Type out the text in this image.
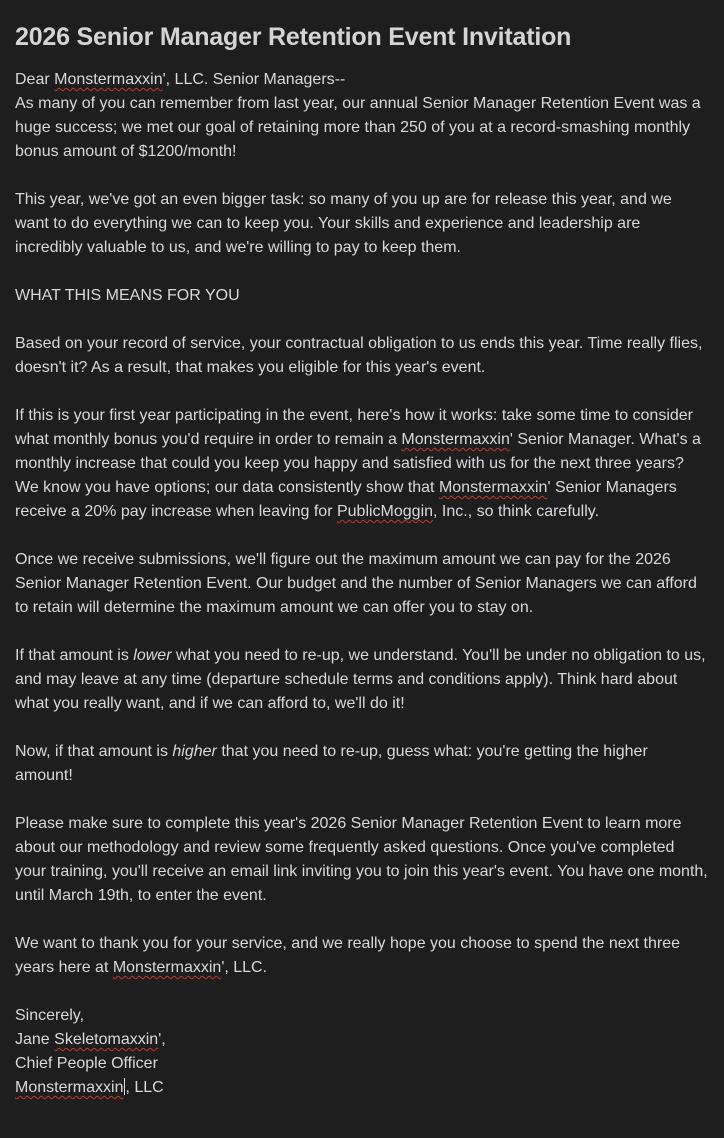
2026 Senior Manager Retention Event Invitation

Dear Monstermaxxin', LLC. Senior Managers--

As many of you can remember from last year, our annual Senior Manager Retention Event was a huge success; we met our goal of retaining more than 250 of you at a record-smashing monthly bonus amount of $1200/month!

This year, we've got an even bigger task: so many of you up are for release this year, and we want to do everything we can to keep you. Your skills and experience and leadership are incredibly valuable to us, and we're willing to pay to keep them.

WHAT THIS MEANS FOR YOU

Based on your record of service, your contractual obligation to us ends this year. Time really flies, doesn't it? As a result, that makes you eligible for this year's event.

If this is your first year participating in the event, here's how it works: take some time to consider what monthly bonus you'd require in order to remain a Monstermaxxin' Senior Manager. What's a monthly increase that could you keep you happy and satisfied with us for the next three years? We know you have options; our data consistently show that Monstermaxxin' Senior Managers receive a 20% pay increase when leaving for PublicMoggin, Inc., so think carefully.

Once we receive submissions, we'll figure out the maximum amount we can pay for the 2026 Senior Manager Retention Event. Our budget and the number of Senior Managers we can afford to retain will determine the maximum amount we can offer you to stay on.

If that amount is lower what you need to re-up, we understand. You'll be under no obligation to us, and may leave at any time (departure schedule terms and conditions apply). Think hard about what you really want, and if we can afford to, we'll do it!

Now, if that amount is higher that you need to re-up, guess what: you're getting the higher amount!

Please make sure to complete this year's 2026 Senior Manager Retention Event to learn more about our methodology and review some frequently asked questions. Once you've completed your training, you'll receive an email link inviting you to join this year's event. You have one month, until March 19th, to enter the event.

We want to thank you for your service, and we really hope you choose to spend the next three years here at Monstermaxxin', LLC.

Sincerely,

Jane Skeletomaxxin',

Chief People Officer

Monstermaxxin , LLC
